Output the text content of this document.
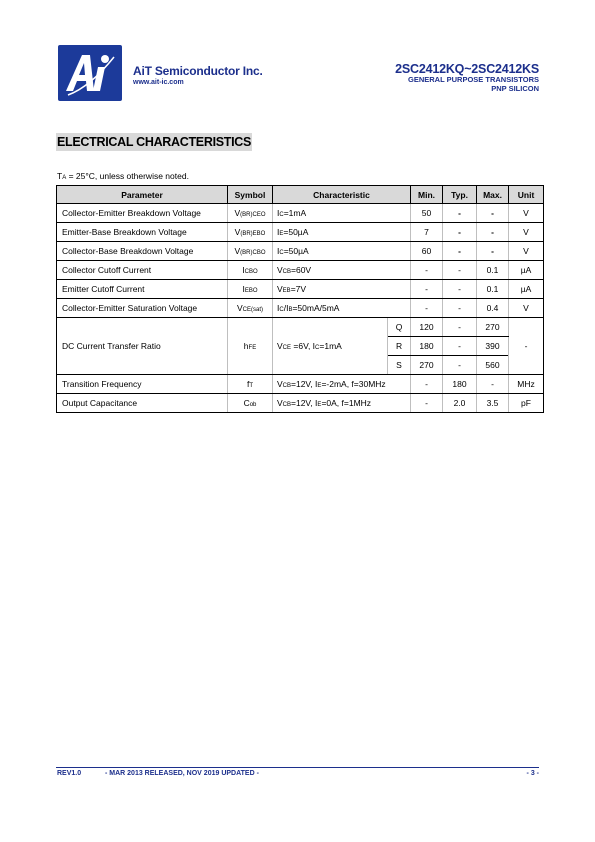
AiT Semiconductor Inc.
www.ait-ic.com
2SC2412KQ~2SC2412KS
GENERAL PURPOSE TRANSISTORS
PNP SILICON
ELECTRICAL CHARACTERISTICS
TA = 25°C, unless otherwise noted.
Parameter	Symbol	Characteristic		Min.	Typ.	Max.	Unit
Collector-Emitter Breakdown Voltage	V(BR)CEO	IC=1mA		50	-	-	V
Emitter-Base Breakdown Voltage	V(BR)EBO	IE=50µA		7	-	-	V
Collector-Base Breakdown Voltage	V(BR)CBO	IC=50µA		60	-	-	V
Collector Cutoff Current	ICBO	VCB=60V		-	-	0.1	µA
Emitter Cutoff Current	IEBO	VEB=7V		-	-	0.1	µA
Collector-Emitter Saturation Voltage	VCE(sat)	IC/IB=50mA/5mA		-	-	0.4	V
DC Current Transfer Ratio	hFE	VCE =6V, IC=1mA	Q	120	-	270	-
			R	180	-	390	
			S	270	-	560	
Transition Frequency	fT	VCB=12V, IE=-2mA, f=30MHz		-	180	-	MHz
Output Capacitance	Cob	VCB=12V, IE=0A, f=1MHz		-	2.0	3.5	pF
REV1.0	- MAR 2013 RELEASED, NOV 2019 UPDATED -	- 3 -
